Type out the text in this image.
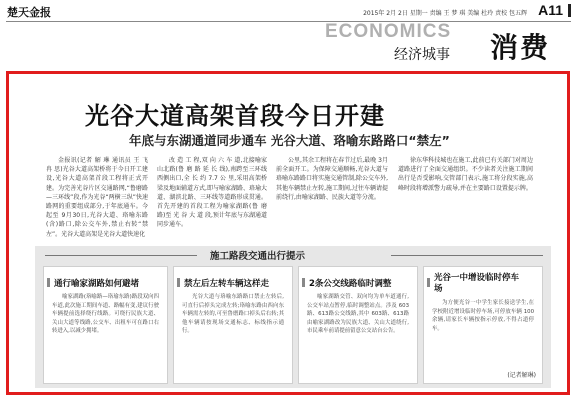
楚天金报	2015年 2月 2日 星期一 责编 王 梦 琪 美编 杜玲 责校 包五辉 A11
ECONOMICS
经济城事 消费
光谷大道高架首段今日开建
年底与东湖通道同步通车 光谷大道、珞喻东路路口“禁左”

金报讯(记者 解 琳 通讯员 王 飞 冉 思)光谷大道高架桥将于今日开工建设,光谷大道高架首段工程将正式开建。为完善光谷片区交通路网,“鲁磨路—三环线”段,作为光谷“两横三纵”快速路网的重要组成部分,于年底通车。今起至 9月30日,光谷大道、珞喻东路(含)路口,除公交车外,禁止右转“禁左”。光谷大道高架是光谷大道快速化

改 造 工 程,双 向 六 车 道,北接喻家山北路(鲁 磨 路 延 长 线),南跨至三环线西侧出口,全 长 约 7.7 公 里,采用高架桥梁及地面辅道方式,即与喻家湖路、珞瑜大道、湖滨北路、三环线等道路形成贯通。首先开建的首段工程为喻家湖路(鲁 磨 路)至 光 谷 大 道 段,预计年底与东湖通道同步通车。

公里,其余工程将在春节过后,最晚 3月前全面开工。为保障交通顺畅,光谷大道与珞喻东路路口将实施交通管制,除公交车外,其他车辆禁止左转,施工期间,过往车辆请提前绕行,由喻家湖路、民族大道等分流。

徐东华科技城也在施工,此前已有关部门对周边道路进行了全面交通组织。不少读者关注施工期间出行是否受影响,交管部门表示,施工将分段实施,高峰时段将增派警力疏导,并在主要路口设置提示牌。

施工路段交通出行提示
通行喻家湖路如何避堵

喻家湖路(珞喻路—珞瑜东路)路段双向四车道,此次施工期间车道、路幅有变,建议行驶车辆提前选择绕行线路。可绕行民族大道、关山大道等线路,公交车、出租车可在路口右转进入,以减少拥堵。

禁左后左转车辆这样走

光谷大道与珞喻东路路口禁止左转后,可直行后掉头完成左转;珞喻东路由西向东车辆需左转的,可至鲁磨路口掉头后右转;其他车辆请按现场交通标志、标线指示通行。

2条公交线路临时调整

喻家湖路交管、双向均为单车道通行,公交车站点暂停,临时调整站点。涉及 603路、613路公交线路,其中 603路、613路由喻家湖路改为民族大道、关山大道绕行,市民乘车前请提前留意公交站台公告。

光谷一中增设临时停车场

为方便光谷一中学生家长接送学生,在学校附近增设临时停车场,可停放车辆 100余辆,请家长车辆按指示停放,不得占道停车。

(记者解琳)
